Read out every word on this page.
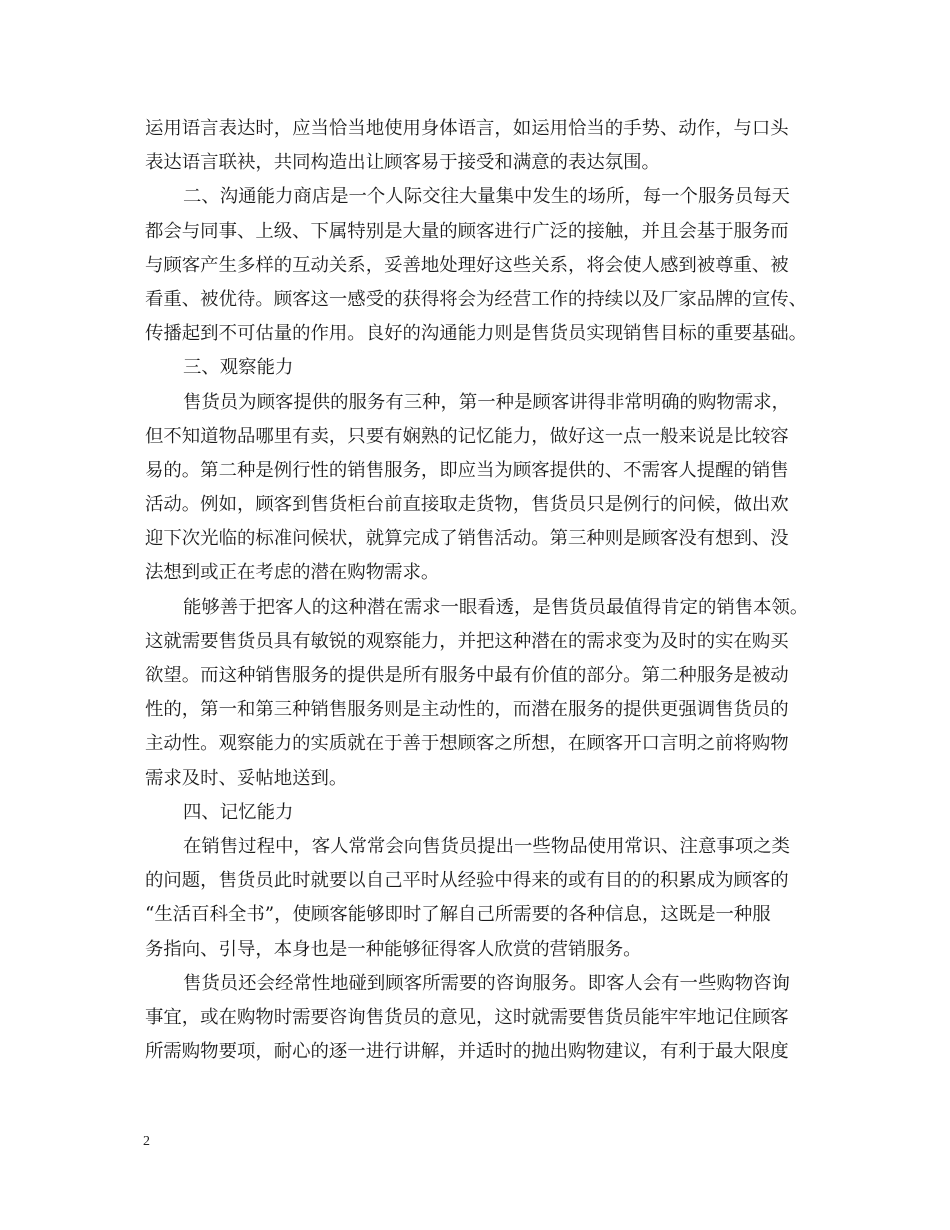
运用语言表达时，应当恰当地使用身体语言，如运用恰当的手势、动作，与口头
表达语言联袂，共同构造出让顾客易于接受和满意的表达氛围。
二、沟通能力商店是一个人际交往大量集中发生的场所，每一个服务员每天
都会与同事、上级、下属特别是大量的顾客进行广泛的接触，并且会基于服务而
与顾客产生多样的互动关系，妥善地处理好这些关系，将会使人感到被尊重、被
看重、被优待。顾客这一感受的获得将会为经营工作的持续以及厂家品牌的宣传、
传播起到不可估量的作用。良好的沟通能力则是售货员实现销售目标的重要基础。
三、观察能力
售货员为顾客提供的服务有三种，第一种是顾客讲得非常明确的购物需求，
但不知道物品哪里有卖，只要有娴熟的记忆能力，做好这一点一般来说是比较容
易的。第二种是例行性的销售服务，即应当为顾客提供的、不需客人提醒的销售
活动。例如，顾客到售货柜台前直接取走货物，售货员只是例行的问候，做出欢
迎下次光临的标准问候状，就算完成了销售活动。第三种则是顾客没有想到、没
法想到或正在考虑的潜在购物需求。
能够善于把客人的这种潜在需求一眼看透，是售货员最值得肯定的销售本领。
这就需要售货员具有敏锐的观察能力，并把这种潜在的需求变为及时的实在购买
欲望。而这种销售服务的提供是所有服务中最有价值的部分。第二种服务是被动
性的，第一和第三种销售服务则是主动性的，而潜在服务的提供更强调售货员的
主动性。观察能力的实质就在于善于想顾客之所想，在顾客开口言明之前将购物
需求及时、妥帖地送到。
四、记忆能力
在销售过程中，客人常常会向售货员提出一些物品使用常识、注意事项之类
的问题，售货员此时就要以自己平时从经验中得来的或有目的的积累成为顾客的
“生活百科全书”，使顾客能够即时了解自己所需要的各种信息，这既是一种服
务指向、引导，本身也是一种能够征得客人欣赏的营销服务。
售货员还会经常性地碰到顾客所需要的咨询服务。即客人会有一些购物咨询
事宜，或在购物时需要咨询售货员的意见，这时就需要售货员能牢牢地记住顾客
所需购物要项，耐心的逐一进行讲解，并适时的抛出购物建议，有利于最大限度
2
